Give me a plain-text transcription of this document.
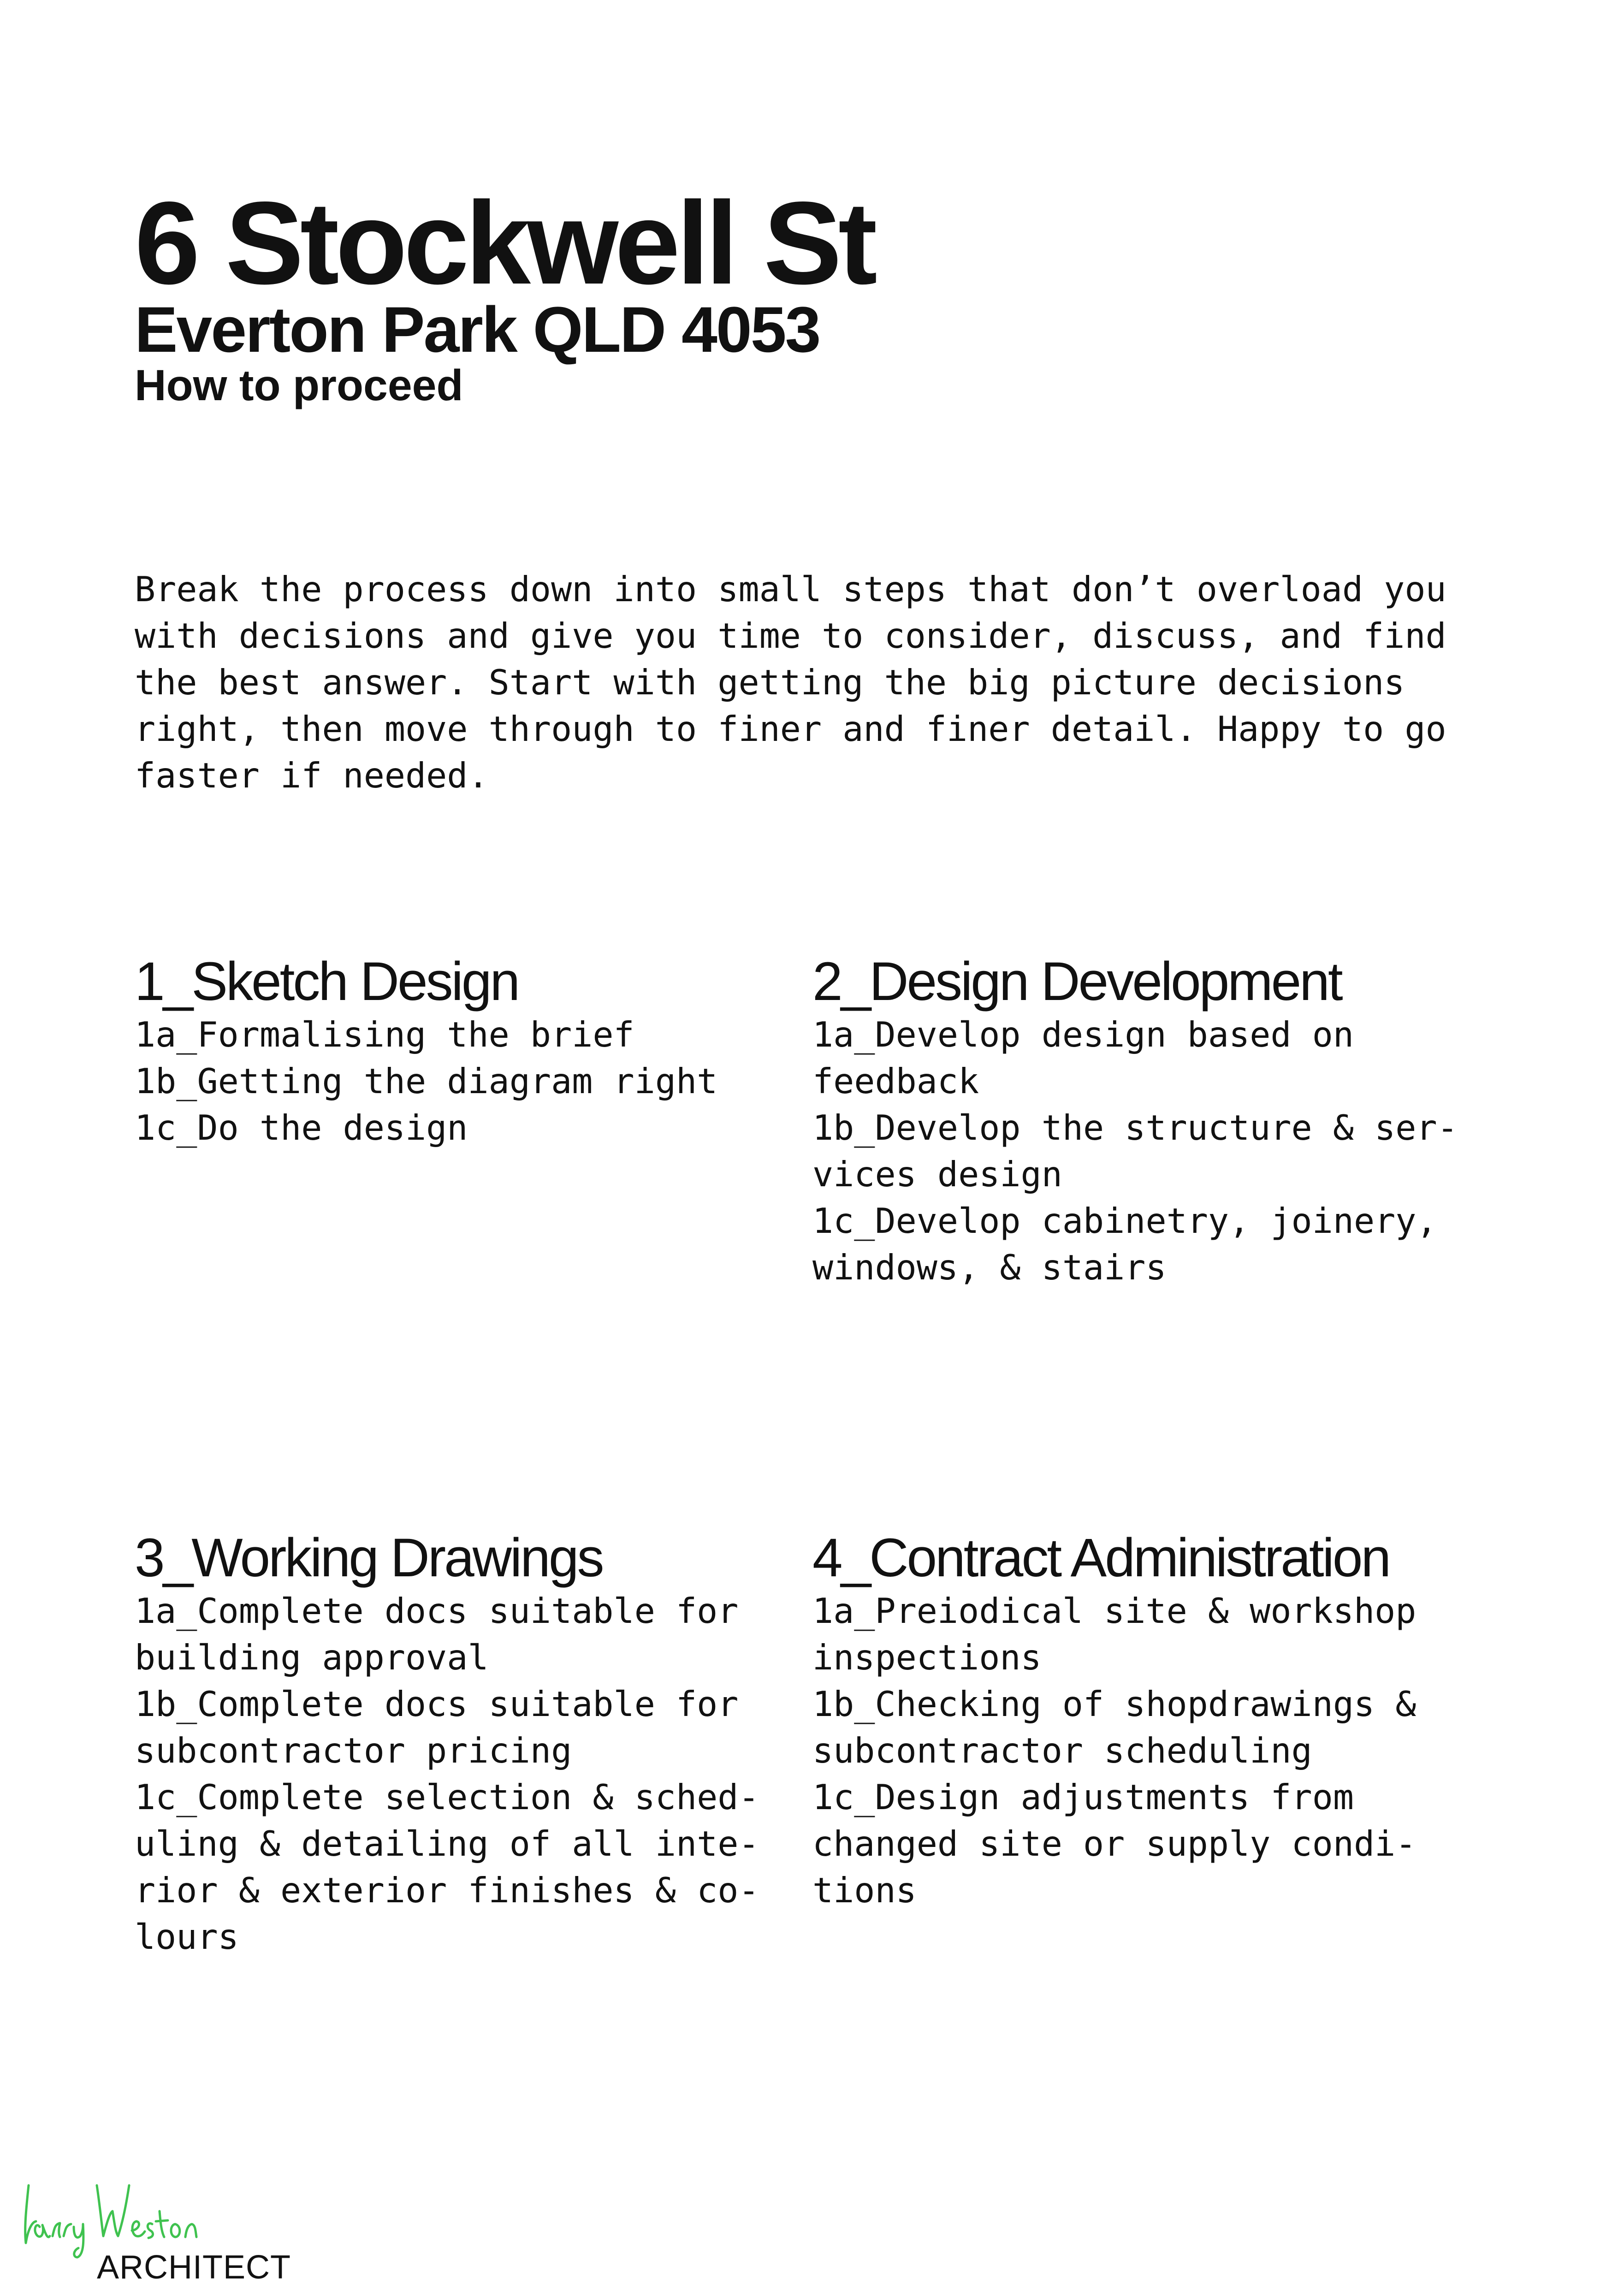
6 Stockwell St
Everton Park QLD 4053
How to proceed

Break the process down into small steps that don’t overload you with decisions and give you time to consider, discuss, and find the best answer. Start with getting the big picture decisions right, then move through to finer and finer detail. Happy to go faster if needed.

1_Sketch Design
1a_Formalising the brief
1b_Getting the diagram right
1c_Do the design
2_Design Development
1a_Develop design based on feedback
1b_Develop the structure & ser-vices design
1c_Develop cabinetry, joinery, windows, & stairs
3_Working Drawings
1a_Complete docs suitable for building approval
1b_Complete docs suitable for subcontractor pricing
1c_Complete selection & sched-uling & detailing of all inte-rior & exterior finishes & co-lours
4_Contract Administration
1a_Preiodical site & workshop inspections
1b_Checking of shopdrawings & subcontractor scheduling
1c_Design adjustments from changed site or supply condi-tions
ARCHITECT
